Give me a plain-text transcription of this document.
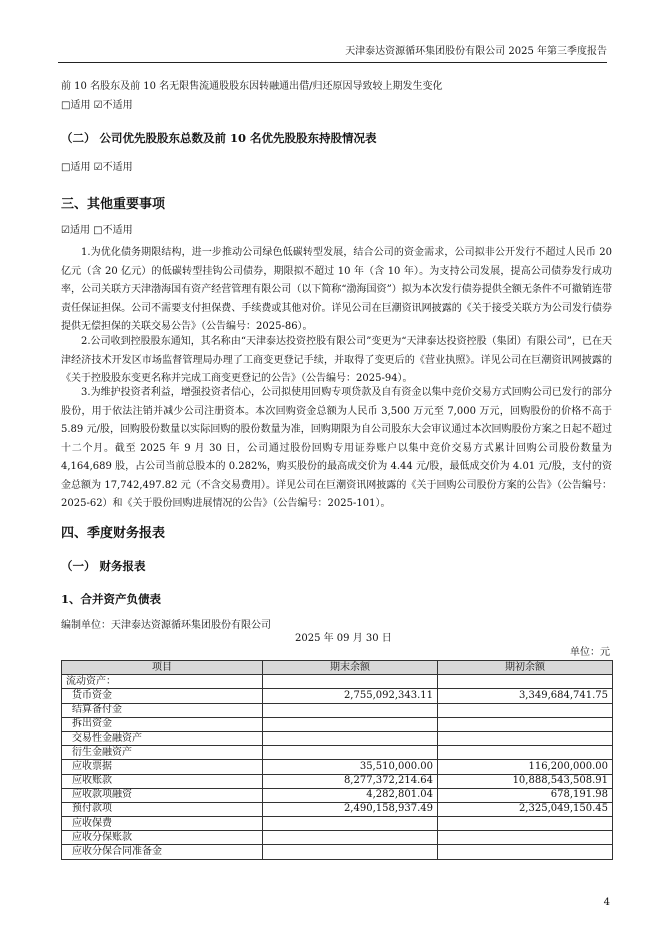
天津泰达资源循环集团股份有限公司 2025 年第三季度报告
前 10 名股东及前 10 名无限售流通股股东因转融通出借/归还原因导致较上期发生变化
□适用 ☑不适用
（二） 公司优先股股东总数及前 10 名优先股股东持股情况表
□适用 ☑不适用
三、其他重要事项
☑适用 □不适用
1.为优化债务期限结构，进一步推动公司绿色低碳转型发展，结合公司的资金需求，公司拟非公开发行不超过人民币 20 亿元（含 20 亿元）的低碳转型挂钩公司债券，期限拟不超过 10 年（含 10 年）。为支持公司发展，提高公司债券发行成功率，公司关联方天津渤海国有资产经营管理有限公司（以下简称“渤海国资”）拟为本次发行债券提供全额无条件不可撤销连带责任保证担保。公司不需要支付担保费、手续费或其他对价。详见公司在巨潮资讯网披露的《关于接受关联方为公司发行债券提供无偿担保的关联交易公告》（公告编号：2025-86）。
2.公司收到控股股东通知，其名称由“天津泰达投资控股有限公司”变更为“天津泰达投资控股（集团）有限公司”，已在天津经济技术开发区市场监督管理局办理了工商变更登记手续，并取得了变更后的《营业执照》。详见公司在巨潮资讯网披露的《关于控股股东变更名称并完成工商变更登记的公告》（公告编号：2025-94）。
3.为维护投资者利益，增强投资者信心，公司拟使用回购专项贷款及自有资金以集中竞价交易方式回购公司已发行的部分股份，用于依法注销并减少公司注册资本。本次回购资金总额为人民币 3,500 万元至 7,000 万元，回购股份的价格不高于 5.89 元/股，回购股份数量以实际回购的股份数量为准，回购期限为自公司股东大会审议通过本次回购股份方案之日起不超过十二个月。截至 2025 年 9 月 30 日，公司通过股份回购专用证券账户以集中竞价交易方式累计回购公司股份数量为 4,164,689 股，占公司当前总股本的 0.282%，购买股份的最高成交价为 4.44 元/股，最低成交价为 4.01 元/股，支付的资金总额为 17,742,497.82 元（不含交易费用）。详见公司在巨潮资讯网披露的《关于回购公司股份方案的公告》（公告编号：2025-62）和《关于股份回购进展情况的公告》（公告编号：2025-101）。
四、季度财务报表
（一） 财务报表
1、合并资产负债表
编制单位：天津泰达资源循环集团股份有限公司
2025 年 09 月 30 日
单位：元
项目	期末余额	期初余额
流动资产：		
货币资金	2,755,092,343.11	3,349,684,741.75
结算备付金		
拆出资金		
交易性金融资产		
衍生金融资产		
应收票据	35,510,000.00	116,200,000.00
应收账款	8,277,372,214.64	10,888,543,508.91
应收款项融资	4,282,801.04	678,191.98
预付款项	2,490,158,937.49	2,325,049,150.45
应收保费		
应收分保账款		
应收分保合同准备金		
4
